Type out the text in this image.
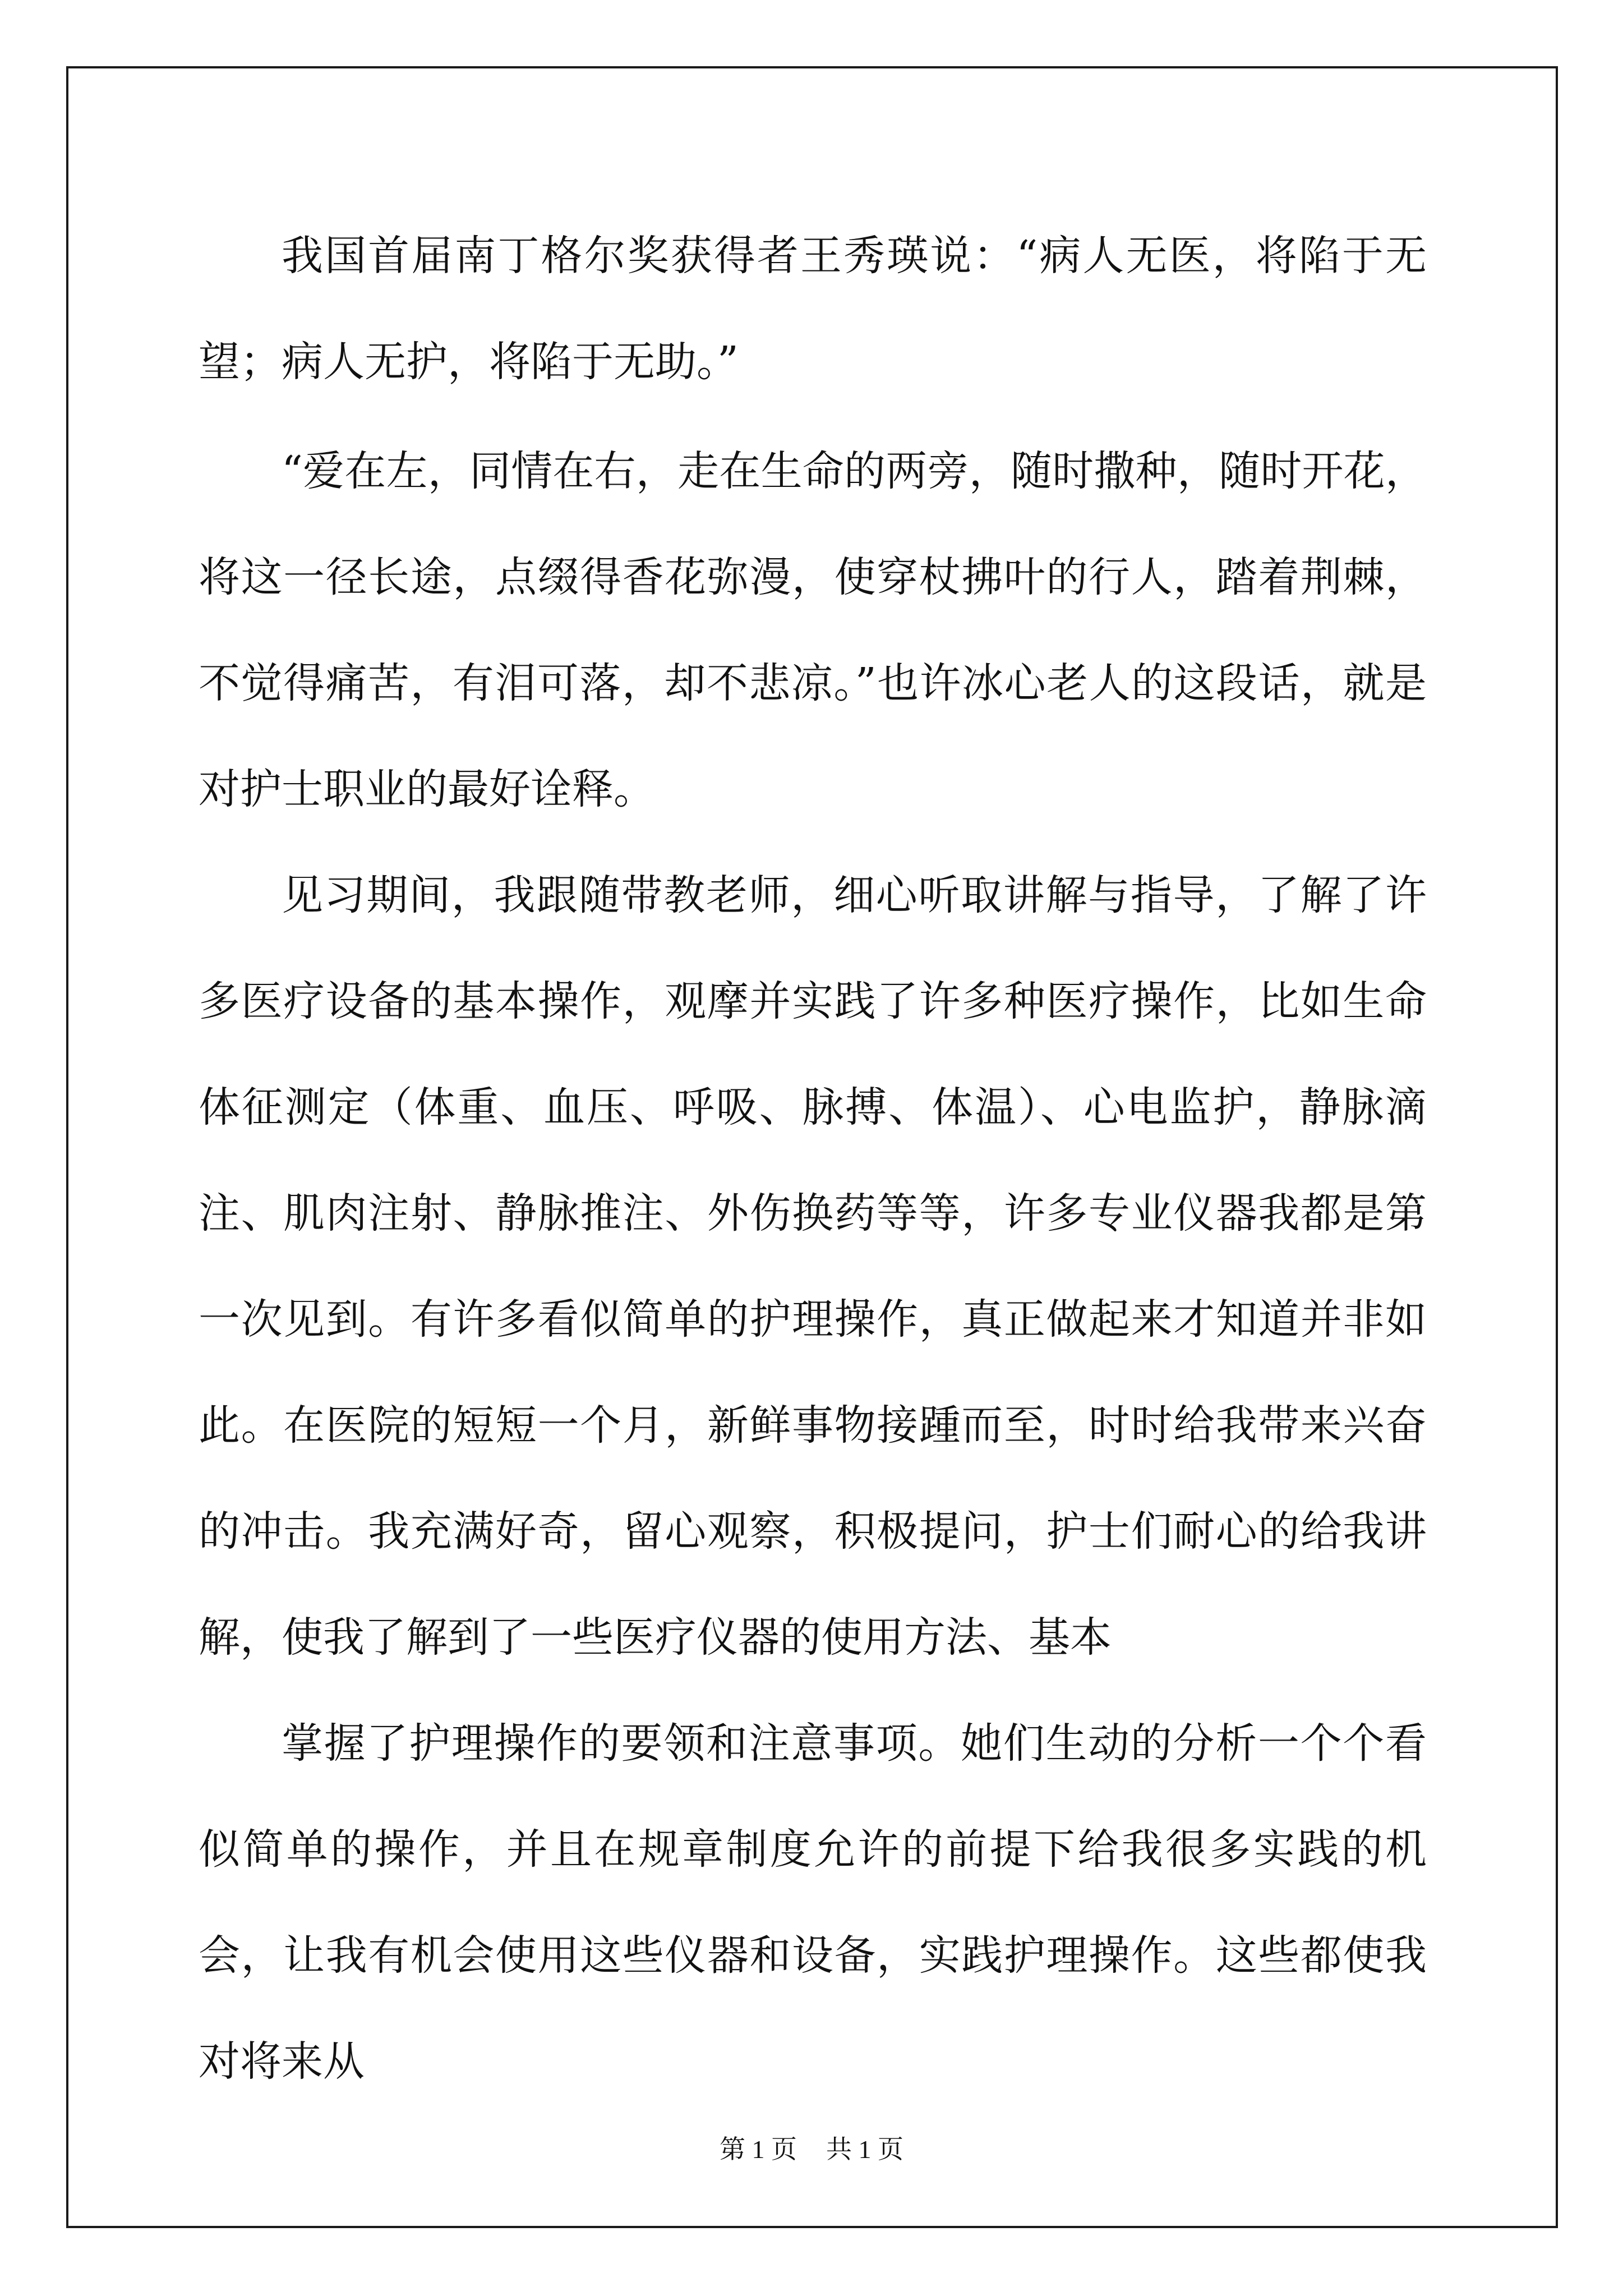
我国首届南丁格尔奖获得者王秀瑛说：“病人无医，将陷于无望；病人无护，将陷于无助。”

“爱在左，同情在右，走在生命的两旁，随时撒种，随时开花，将这一径长途，点缀得香花弥漫，使穿杖拂叶的行人，踏着荆棘，不觉得痛苦，有泪可落，却不悲凉。”也许冰心老人的这段话，就是对护士职业的最好诠释。

见习期间，我跟随带教老师，细心听取讲解与指导，了解了许多医疗设备的基本操作，观摩并实践了许多种医疗操作，比如生命体征测定（体重、血压、呼吸、脉搏、体温）、心电监护，静脉滴注、肌肉注射、静脉推注、外伤换药等等，许多专业仪器我都是第一次见到。有许多看似简单的护理操作，真正做起来才知道并非如此。在医院的短短一个月，新鲜事物接踵而至，时时给我带来兴奋的冲击。我充满好奇，留心观察，积极提问，护士们耐心的给我讲解，使我了解到了一些医疗仪器的使用方法、基本

掌握了护理操作的要领和注意事项。她们生动的分析一个个看似简单的操作，并且在规章制度允许的前提下给我很多实践的机会，让我有机会使用这些仪器和设备，实践护理操作。这些都使我对将来从

第 1 页 共 1 页
